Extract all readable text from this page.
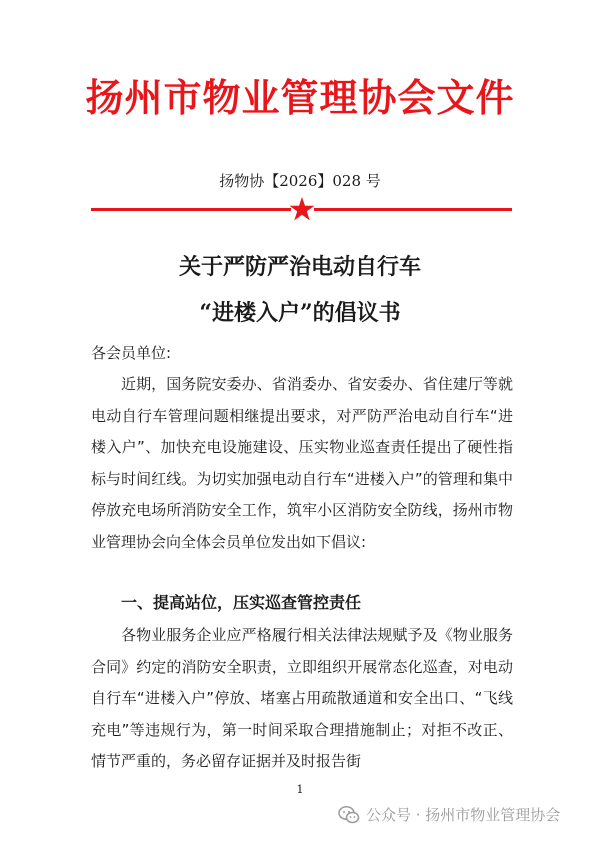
扬州市物业管理协会文件
扬物协【2026】028 号
关于严防严治电动自行车
“进楼入户”的倡议书
各会员单位:

近期，国务院安委办、省消委办、省安委办、省住建厅等就电动自行车管理问题相继提出要求，对严防严治电动自行车“进楼入户”、加快充电设施建设、压实物业巡查责任提出了硬性指标与时间红线。为切实加强电动自行车“进楼入户”的管理和集中停放充电场所消防安全工作，筑牢小区消防安全防线，扬州市物业管理协会向全体会员单位发出如下倡议:

一、提高站位，压实巡查管控责任

各物业服务企业应严格履行相关法律法规赋予及《物业服务合同》约定的消防安全职责，立即组织开展常态化巡查，对电动自行车“进楼入户”停放、堵塞占用疏散通道和安全出口、“飞线充电”等违规行为，第一时间采取合理措施制止；对拒不改正、情节严重的，务必留存证据并及时报告街

1
公众号 · 扬州市物业管理协会
